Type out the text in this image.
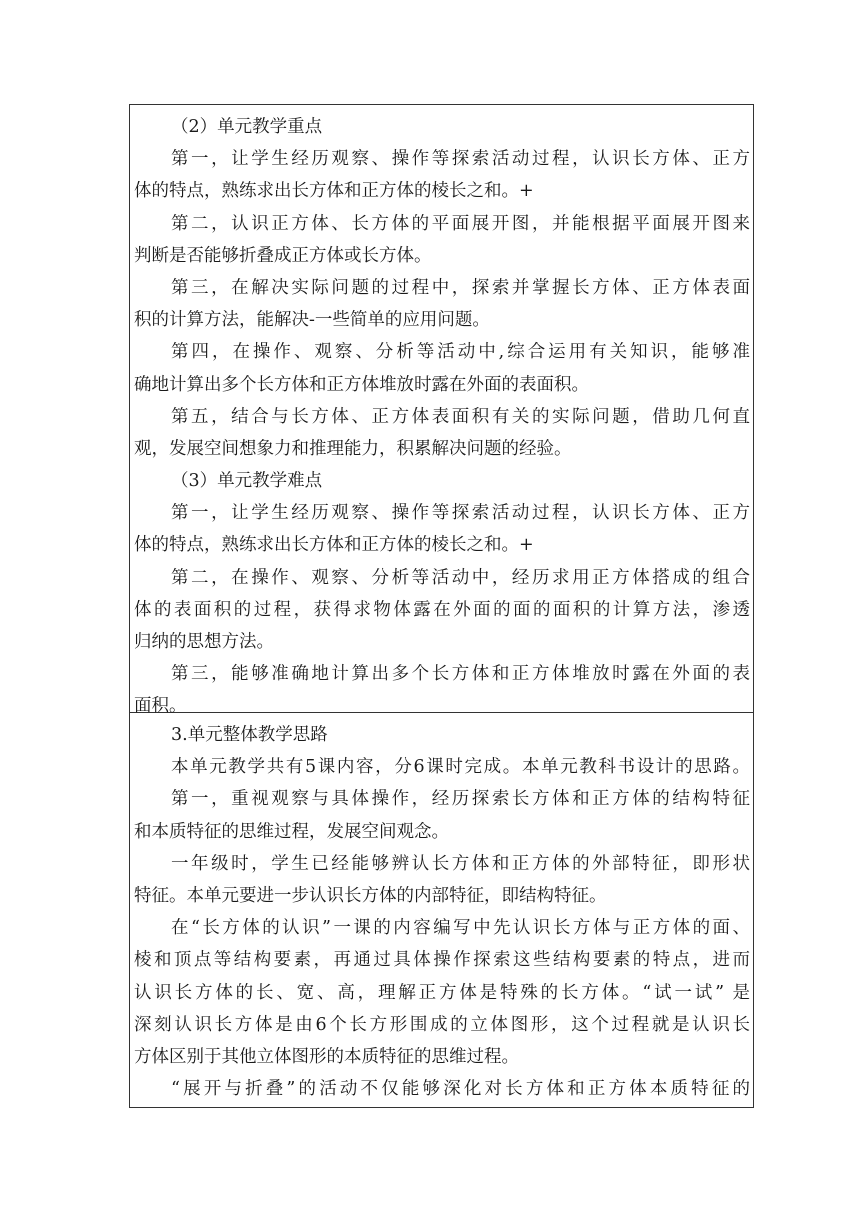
（2）单元教学重点
第一，让学生经历观察、操作等探索活动过程，认识长方体、正方
体的特点，熟练求出长方体和正方体的棱长之和。+
第二，认识正方体、长方体的平面展开图，并能根据平面展开图来
判断是否能够折叠成正方体或长方体。
第三，在解决实际问题的过程中，探索并掌握长方体、正方体表面
积的计算方法，能解决-一些简单的应用问题。
第四，在操作、观察、分析等活动中,综合运用有关知识，能够准
确地计算出多个长方体和正方体堆放时露在外面的表面积。
第五，结合与长方体、正方体表面积有关的实际问题，借助几何直
观，发展空间想象力和推理能力，积累解决问题的经验。
（3）单元教学难点
第一，让学生经历观察、操作等探索活动过程，认识长方体、正方
体的特点，熟练求出长方体和正方体的棱长之和。+
第二，在操作、观察、分析等活动中，经历求用正方体搭成的组合
体的表面积的过程，获得求物体露在外面的面的面积的计算方法，渗透
归纳的思想方法。
第三，能够准确地计算出多个长方体和正方体堆放时露在外面的表
面积。
3.单元整体教学思路
本单元教学共有5课内容，分6课时完成。本单元教科书设计的思路。
第一，重视观察与具体操作，经历探索长方体和正方体的结构特征
和本质特征的思维过程，发展空间观念。
一年级时，学生已经能够辨认长方体和正方体的外部特征，即形状
特征。本单元要进一步认识长方体的内部特征，即结构特征。
在“长方体的认识”一课的内容编写中先认识长方体与正方体的面、
棱和顶点等结构要素，再通过具体操作探索这些结构要素的特点，进而
认识长方体的长、宽、高，理解正方体是特殊的长方体。“试一试” 是
深刻认识长方体是由6个长方形围成的立体图形，这个过程就是认识长
方体区别于其他立体图形的本质特征的思维过程。
“展开与折叠”的活动不仅能够深化对长方体和正方体本质特征的
